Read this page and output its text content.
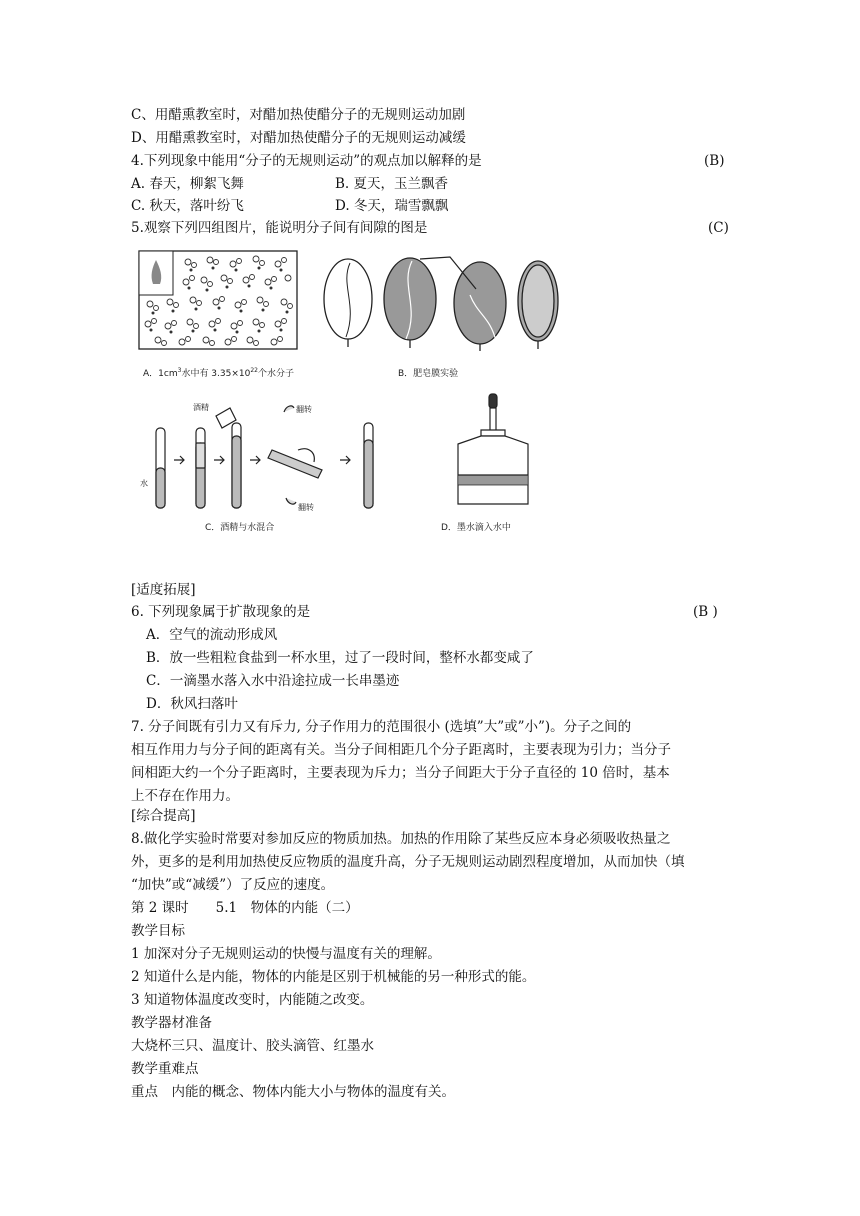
C、用醋熏教室时，对醋加热使醋分子的无规则运动加剧
D、用醋熏教室时，对醋加热使醋分子的无规则运动减缓
4.下列现象中能用“分子的无规则运动”的观点加以解释的是	(B)
A. 春天，柳絮飞舞	B. 夏天，玉兰飘香
C. 秋天，落叶纷飞	D. 冬天，瑞雪飘飘
5.观察下列四组图片，能说明分子间有间隙的图是	(C)
A．$1cm^3$水中有 $3.35\times 10^{22}$个水分子	B．肥皂膜实验
水
酒精	翻转
翻转
C．酒精与水混合	D．墨水滴入水中
[适度拓展]
6. 下列现象属于扩散现象的是	(B )
A．空气的流动形成风
B．放一些粗粒食盐到一杯水里，过了一段时间，整杯水都变咸了
C．一滴墨水落入水中沿途拉成一长串墨迹
D．秋风扫落叶
7. 分子间既有引力又有斥力, 分子作用力的范围很小 (选填”大”或”小”)。分子之间的
相互作用力与分子间的距离有关。当分子间相距几个分子距离时，主要表现为引力；当分子
间相距大约一个分子距离时，主要表现为斥力；当分子间距大于分子直径的 10 倍时，基本
上不存在作用力。
[综合提高]
8.做化学实验时常要对参加反应的物质加热。加热的作用除了某些反应本身必须吸收热量之
外，更多的是利用加热使反应物质的温度升高，分子无规则运动剧烈程度增加，从而加快（填
“加快”或“减缓”）了反应的速度。
第 2 课时　　5.1　物体的内能（二）
教学目标
1 加深对分子无规则运动的快慢与温度有关的理解。
2 知道什么是内能，物体的内能是区别于机械能的另一种形式的能。
3 知道物体温度改变时，内能随之改变。
教学器材准备
大烧杯三只、温度计、胶头滴管、红墨水
教学重难点
重点　内能的概念、物体内能大小与物体的温度有关。
